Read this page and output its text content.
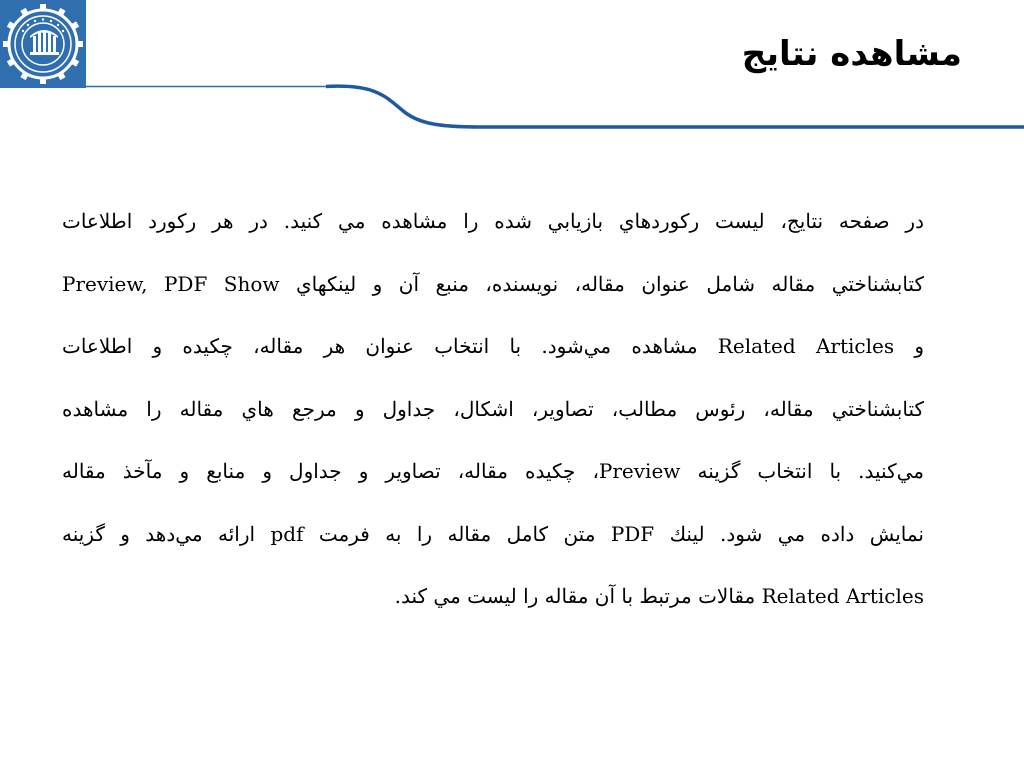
مشاهده نتايج
در صفحه نتايج، ليست رکوردهاي بازيابي شده را مشاهده مي کنيد. در هر رکورد اطلاعات
کتابشناختي مقاله شامل عنوان مقاله، نويسنده، منبع آن و لينکهاي Preview, PDF Show
و Related Articles مشاهده مي‌شود. با انتخاب عنوان هر مقاله، چکيده و اطلاعات
کتابشناختي مقاله، رئوس مطالب، تصاوير، اشکال، جداول و مرجع هاي مقاله را مشاهده
مي‌کنيد. با انتخاب گزينه Preview، چکيده مقاله، تصاوير و جداول و منابع و مآخذ مقاله
نمايش داده مي شود. لينك PDF متن کامل مقاله را به فرمت pdf ارائه مي‌دهد و گزينه
Related Articles مقالات مرتبط با آن مقاله را ليست مي کند.
